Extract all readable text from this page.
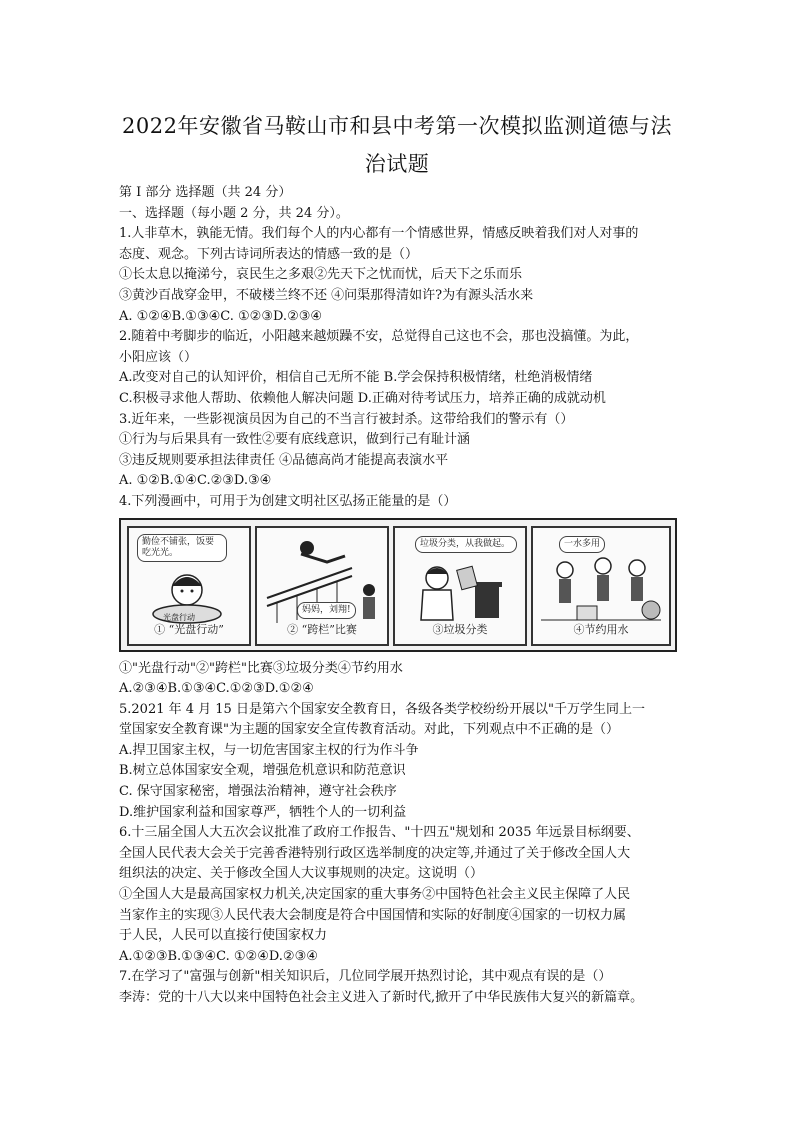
2022年安徽省马鞍山市和县中考第一次模拟监测道德与法
治试题
第 I 部分 选择题（共 24 分）
一、选择题（每小题 2 分，共 24 分）。
1.人非草木，孰能无情。我们每个人的内心都有一个情感世界，情感反映着我们对人对事的
态度、观念。下列古诗词所表达的情感一致的是（）
①长太息以掩涕兮，哀民生之多艰②先天下之忧而忧，后天下之乐而乐
③黄沙百战穿金甲，不破楼兰终不还 ④问渠那得清如许?为有源头活水来
A. ①②④B.①③④C. ①②③D.②③④
2.随着中考脚步的临近，小阳越来越烦躁不安，总觉得自己这也不会，那也没搞懂。为此，
小阳应该（）
A.改变对自己的认知评价，相信自己无所不能 B.学会保持积极情绪，杜绝消极情绪
C.积极寻求他人帮助、依赖他人解决问题 D.正确对待考试压力，培养正确的成就动机
3.近年来，一些影视演员因为自己的不当言行被封杀。这带给我们的警示有（）
①行为与后果具有一致性②要有底线意识，做到行己有耻计涵
③违反规则要承担法律责任 ④品德高尚才能提高表演水平
A. ①②B.①④C.②③D.③④
4.下列漫画中，可用于为创建文明社区弘扬正能量的是（）
勤俭不铺张，饭要吃光光。
光盘行动
① “光盘行动”
妈妈，刘翔!
② “跨栏”比赛
垃圾分类，从我做起。
③垃圾分类
一水多用
④节约用水
①"光盘行动"②"跨栏"比赛③垃圾分类④节约用水
A.②③④B.①③④C.①②③D.①②④
5.2021 年 4 月 15 日是第六个国家安全教育日，各级各类学校纷纷开展以"千万学生同上一
堂国家安全教育课"为主题的国家安全宣传教育活动。对此，下列观点中不正确的是（）
A.捍卫国家主权，与一切危害国家主权的行为作斗争
B.树立总体国家安全观，增强危机意识和防范意识
C. 保守国家秘密，增强法治精神，遵守社会秩序
D.维护国家利益和国家尊严，牺牲个人的一切利益
6.十三届全国人大五次会议批准了政府工作报告、"十四五"规划和 2035 年远景目标纲要、
全国人民代表大会关于完善香港特别行政区选举制度的决定等,并通过了关于修改全国人大
组织法的决定、关于修改全国人大议事规则的决定。这说明（）
①全国人大是最高国家权力机关,决定国家的重大事务②中国特色社会主义民主保障了人民
当家作主的实现③人民代表大会制度是符合中国国情和实际的好制度④国家的一切权力属
于人民，人民可以直接行使国家权力
A.①②③B.①③④C. ①②④D.②③④
7.在学习了"富强与创新"相关知识后，几位同学展开热烈讨论，其中观点有误的是（）
李涛：党的十八大以来中国特色社会主义进入了新时代,掀开了中华民族伟大复兴的新篇章。
